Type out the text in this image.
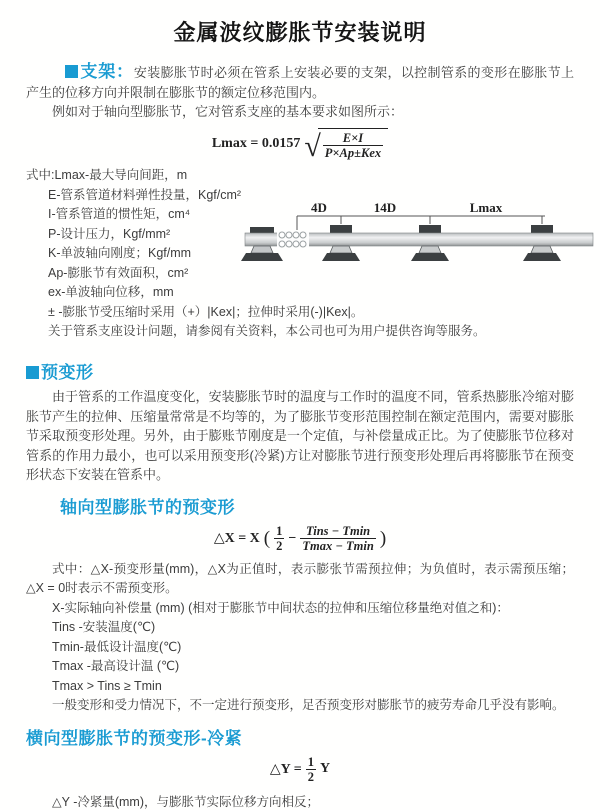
金属波纹膨胀节安装说明

支架：安装膨胀节时必须在管系上安装必要的支架，以控制管系的变形在膨胀节上产生的位移方向并限制在膨胀节的额定位移范围内。

例如对于轴向型膨胀节，它对管系支座的基本要求如图所示：

Lmax = 0.0157 √ $\frac{E\times I}{\text{P×Ap±Kex}}$
式中:Lmax-最大导向间距，m
E-管系管道材料弹性投量，Kgf/cm²
I-管系管道的惯性矩，cm⁴
P-设计压力，Kgf/mm²
K-单波轴向刚度；Kgf/mm
Ap-膨胀节有效面积，cm²
ex-单波轴向位移，mm
± -膨胀节受压缩时采用（+）|Kex|；拉伸时采用(-)|Kex|。
关于管系支座设计问题，请参阅有关资料，本公司也可为用户提供咨询等服务。
4D	14D	Lmax
预变形

由于管系的工作温度变化，安装膨胀节时的温度与工作时的温度不同，管系热膨胀冷缩对膨胀节产生的拉伸、压缩量常常是不均等的，为了膨胀节变形范围控制在额定范围内，需要对膨胀节采取预变形处理。另外，由于膨账节刚度是一个定值，与补偿量成正比。为了使膨胀节位移对管系的作用力最小，也可以采用预变形(冷紧)方让对膨胀节进行预变形处理后再将膨胀节在预变形状态下安装在管系中。

轴向型膨胀节的预变形
△X = X ( $\frac{1}{2} - \frac{\text{Tins − Tmin}}{Tmax - Tmin}$ )
式中：△X-预变形量(mm)，△X为正值时，表示膨张节需预拉伸；为负值时，表示需预压缩；△X = 0时表示不需预变形。
X-实际轴向补偿量 (mm) (相对于膨胀节中间状态的拉伸和压缩位移量绝对值之和)：
Tins -安装温度(℃)
Tmin-最低设计温度(℃)
Tmax -最高设计温 (℃)
Tmax > Tins ≥ Tmin
一般变形和受力情况下，不一定进行预变形，足否预变形对膨胀节的疲劳寿命几乎没有影响。
横向型膨胀节的预变形-冷紧
△Y = $\frac{1}{2}$ Y
△Y -冷紧量(mm)，与膨胀节实际位移方向相反；
